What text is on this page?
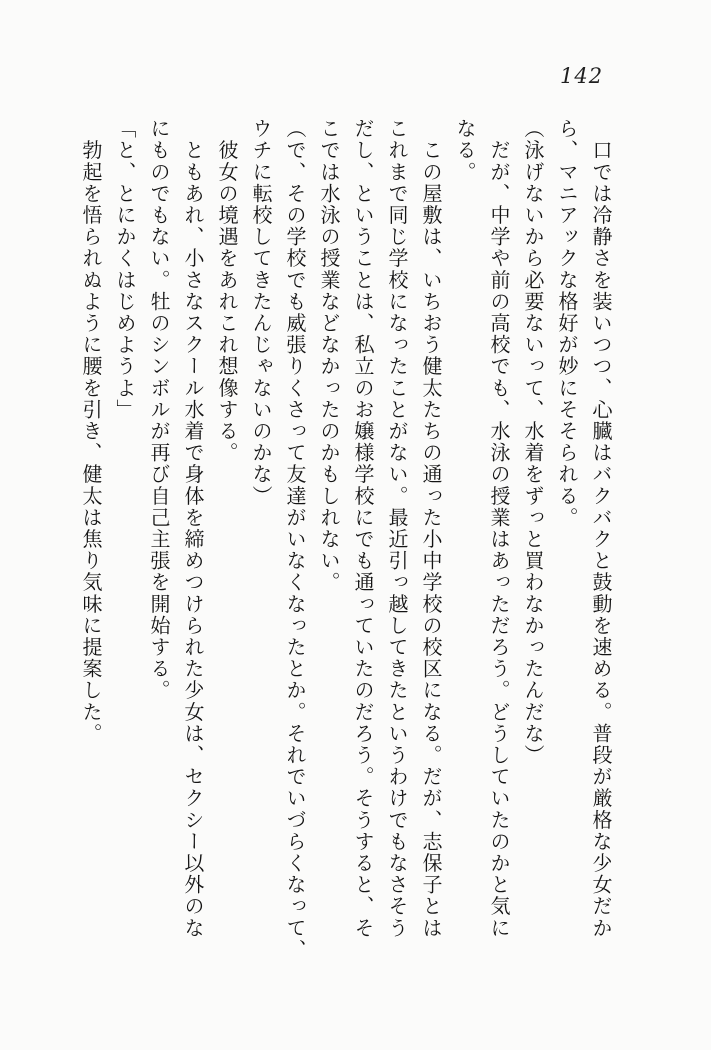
142

　口では冷静さを装いつつ、心臓はバクバクと鼓動を速める。普段が厳格な少女だか

ら、マニアックな格好が妙にそそられる。

（泳げないから必要ないって、水着をずっと買わなかったんだな）

　だが、中学や前の高校でも、水泳の授業はあっただろう。どうしていたのかと気に

なる。

　この屋敷は、いちおう健太たちの通った小中学校の校区になる。だが、志保子とは

これまで同じ学校になったことがない。最近引っ越してきたというわけでもなさそう

だし、ということは、私立のお嬢様学校にでも通っていたのだろう。そうすると、そ

こでは水泳の授業などなかったのかもしれない。

（で、その学校でも威張りくさって友達がいなくなったとか。それでいづらくなって、

ウチに転校してきたんじゃないのかな）

　彼女の境遇をあれこれ想像する。

　ともあれ、小さなスクール水着で身体を締めつけられた少女は、セクシー以外のな

にものでもない。牡のシンボルが再び自己主張を開始する。

「と、とにかくはじめようよ」

　勃起を悟られぬように腰を引き、健太は焦り気味に提案した。
